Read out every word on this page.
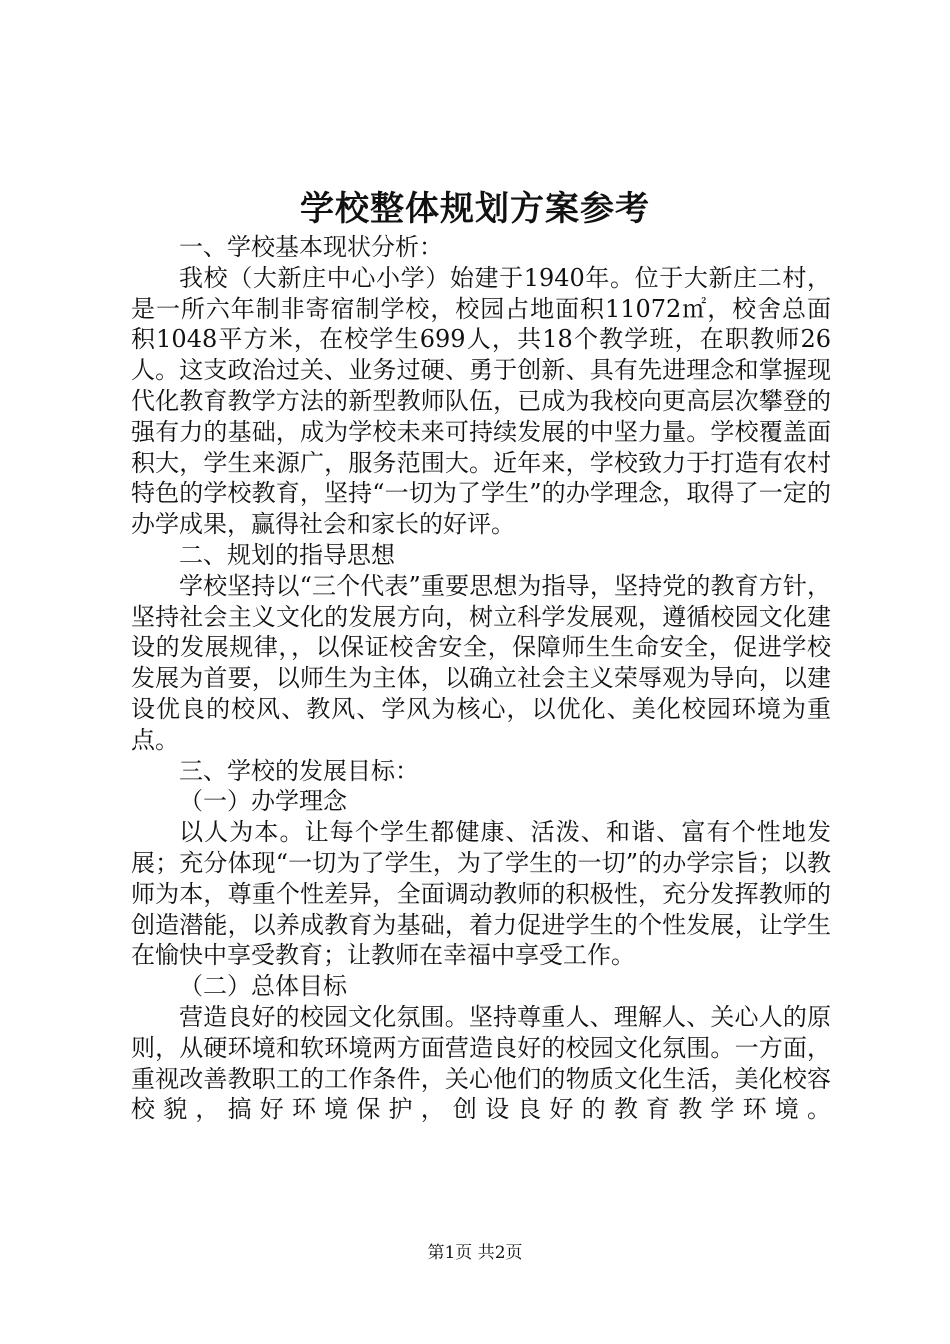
学校整体规划方案参考

一、学校基本现状分析：

我校（大新庄中心小学）始建于1940年。位于大新庄二村，是一所六年制非寄宿制学校，校园占地面积11072㎡，校舍总面积1048平方米，在校学生699人，共18个教学班，在职教师26人。这支政治过关、业务过硬、勇于创新、具有先进理念和掌握现代化教育教学方法的新型教师队伍，已成为我校向更高层次攀登的强有力的基础，成为学校未来可持续发展的中坚力量。学校覆盖面积大，学生来源广，服务范围大。近年来，学校致力于打造有农村特色的学校教育，坚持“一切为了学生”的办学理念，取得了一定的办学成果，赢得社会和家长的好评。

二、规划的指导思想

学校坚持以“三个代表”重要思想为指导，坚持党的教育方针，坚持社会主义文化的发展方向，树立科学发展观，遵循校园文化建设的发展规律，，以保证校舍安全，保障师生生命安全，促进学校发展为首要，以师生为主体，以确立社会主义荣辱观为导向，以建设优良的校风、教风、学风为核心，以优化、美化校园环境为重点。

三、学校的发展目标：

（一）办学理念

以人为本。让每个学生都健康、活泼、和谐、富有个性地发展；充分体现“一切为了学生，为了学生的一切”的办学宗旨；以教师为本，尊重个性差异，全面调动教师的积极性，充分发挥教师的创造潜能，以养成教育为基础，着力促进学生的个性发展，让学生在愉快中享受教育；让教师在幸福中享受工作。

（二）总体目标

营造良好的校园文化氛围。坚持尊重人、理解人、关心人的原则，从硬环境和软环境两方面营造良好的校园文化氛围。一方面，重视改善教职工的工作条件，关心他们的物质文化生活，美化校容校貌，搞好环境保护，创设良好的教育教学环境。

第1页 共2页
